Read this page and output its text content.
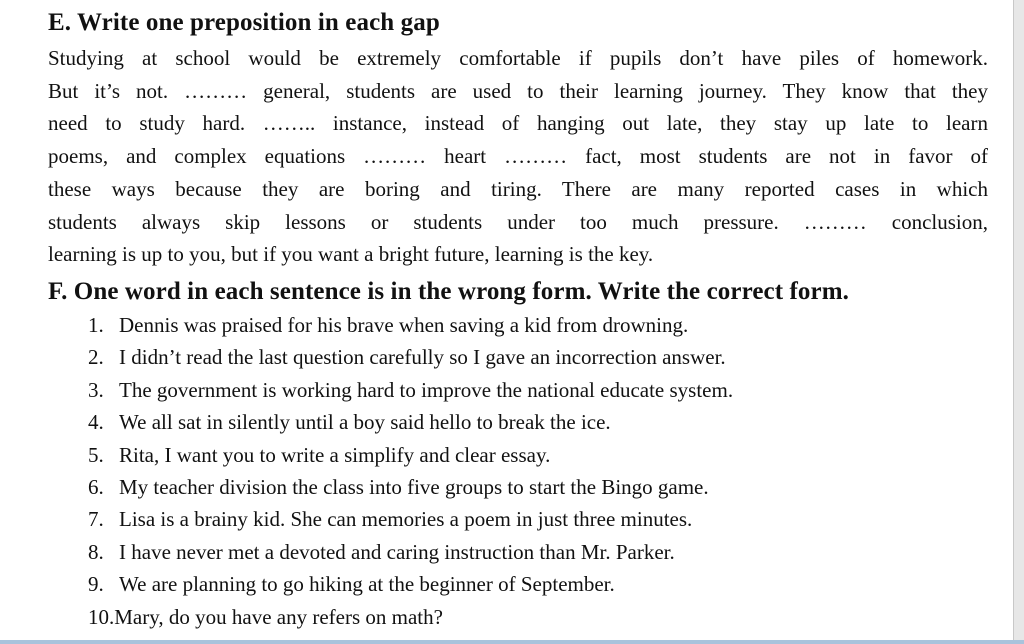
E. Write one preposition in each gap
Studying at school would be extremely comfortable if pupils don’t have piles of homework.
But it’s not. ……… general, students are used to their learning journey. They know that they
need to study hard. …….. instance, instead of hanging out late, they stay up late to learn
poems, and complex equations ……… heart ……… fact, most students are not in favor of
these ways because they are boring and tiring. There are many reported cases in which
students always skip lessons or students under too much pressure. ……… conclusion,
learning is up to you, but if you want a bright future, learning is the key.
F. One word in each sentence is in the wrong form. Write the correct form.
1. Dennis was praised for his brave when saving a kid from drowning.
2. I didn’t read the last question carefully so I gave an incorrection answer.
3. The government is working hard to improve the national educate system.
4. We all sat in silently until a boy said hello to break the ice.
5. Rita, I want you to write a simplify and clear essay.
6. My teacher division the class into five groups to start the Bingo game.
7. Lisa is a brainy kid. She can memories a poem in just three minutes.
8. I have never met a devoted and caring instruction than Mr. Parker.
9. We are planning to go hiking at the beginner of September.
10.Mary, do you have any refers on math?
